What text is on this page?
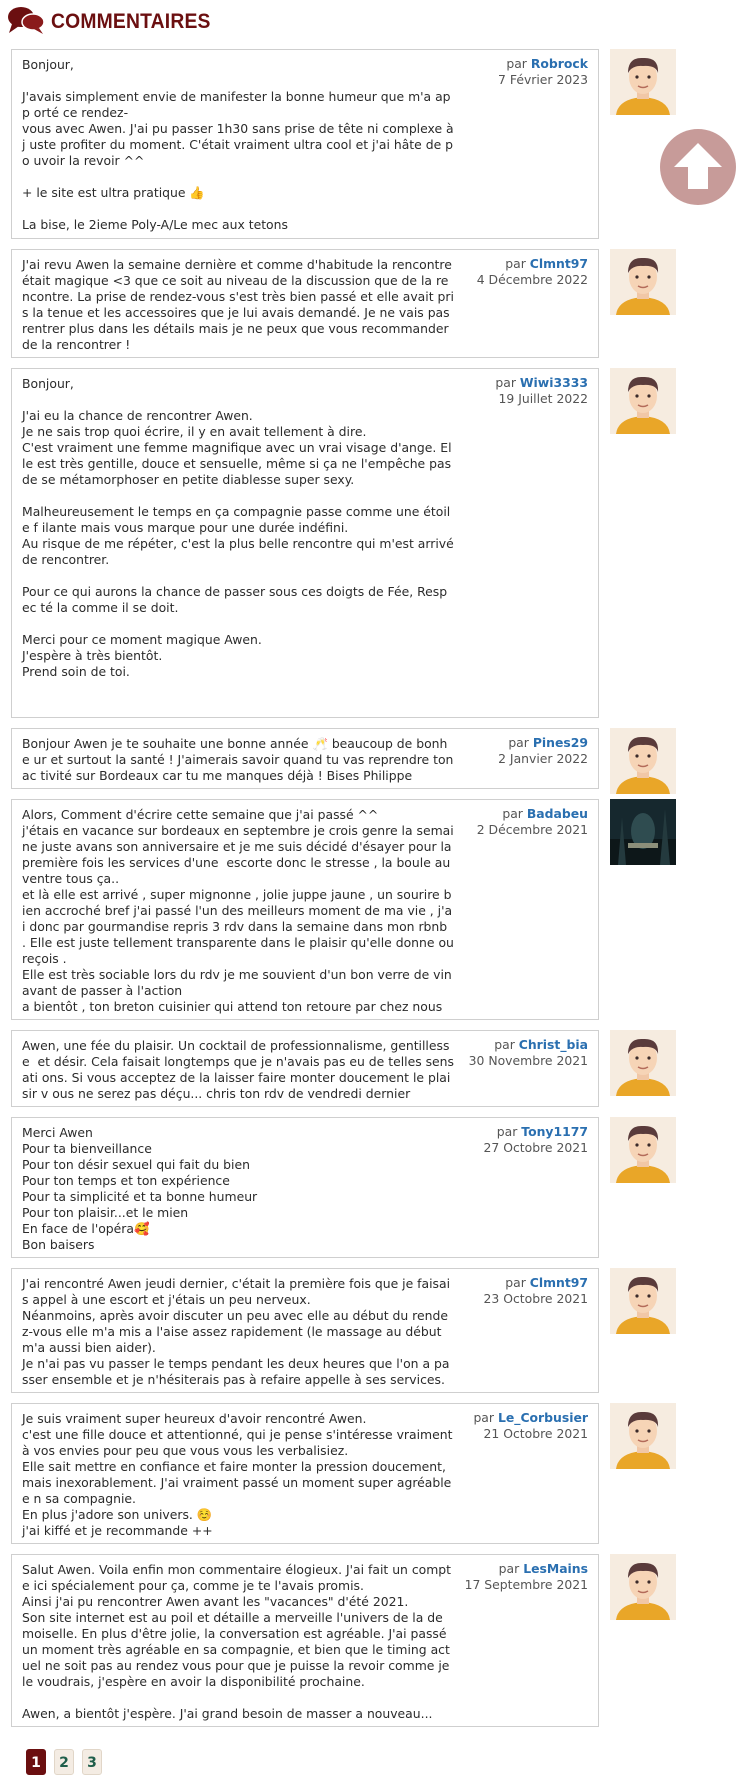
COMMENTAIRES
Bonjour,

J'avais simplement envie de manifester la bonne humeur que m'a app orté ce rendez-
vous avec Awen. J'ai pu passer 1h30 sans prise de tête ni complexe à j uste profiter du moment. C'était vraiment ultra cool et j'ai hâte de po uvoir la revoir ^^

+ le site est ultra pratique 👍

La bise, le 2ieme Poly-A/Le mec aux tetons
par Robrock
7 Février 2023
J'ai revu Awen la semaine dernière et comme d'habitude la rencontre était magique <3 que ce soit au niveau de la discussion que de la rencontre. La prise de rendez-vous s'est très bien passé et elle avait pris la tenue et les accessoires que je lui avais demandé. Je ne vais pas rentrer plus dans les détails mais je ne peux que vous recommander de la rencontrer !
par Clmnt97
4 Décembre 2022
Bonjour,

J'ai eu la chance de rencontrer Awen.
Je ne sais trop quoi écrire, il y en avait tellement à dire.
C'est vraiment une femme magnifique avec un vrai visage d'ange. Elle est très gentille, douce et sensuelle, même si ça ne l'empêche pas de se métamorphoser en petite diablesse super sexy.

Malheureusement le temps en ça compagnie passe comme une étoile f ilante mais vous marque pour une durée indéfini.
Au risque de me répéter, c'est la plus belle rencontre qui m'est arrivé de rencontrer.

Pour ce qui aurons la chance de passer sous ces doigts de Fée, Respec té la comme il se doit.

Merci pour ce moment magique Awen.
J'espère à très bientôt.
Prend soin de toi.
par Wiwi3333
19 Juillet 2022
Bonjour Awen je te souhaite une bonne année 🥂 beaucoup de bonhe ur et surtout la santé ! J'aimerais savoir quand tu vas reprendre ton ac tivité sur Bordeaux car tu me manques déjà ! Bises Philippe
par Pines29
2 Janvier 2022
Alors, Comment d'écrire cette semaine que j'ai passé ^^
j'étais en vacance sur bordeaux en septembre je crois genre la semaine juste avans son anniversaire et je me suis décidé d'ésayer pour la première fois les services d'une  escorte donc le stresse , la boule au ventre tous ça..
et là elle est arrivé , super mignonne , jolie juppe jaune , un sourire bien accroché bref j'ai passé l'un des meilleurs moment de ma vie , j'ai donc par gourmandise repris 3 rdv dans la semaine dans mon rbnb . Elle est juste tellement transparente dans le plaisir qu'elle donne ou reçois .
Elle est très sociable lors du rdv je me souvient d'un bon verre de vin avant de passer à l'action
a bientôt , ton breton cuisinier qui attend ton retoure par chez nous
par Badabeu
2 Décembre 2021
Awen, une fée du plaisir. Un cocktail de professionnalisme, gentillesse  et désir. Cela faisait longtemps que je n'avais pas eu de telles sensati ons. Si vous acceptez de la laisser faire monter doucement le plaisir v ous ne serez pas déçu... chris ton rdv de vendredi dernier
par Christ_bia
30 Novembre 2021
Merci Awen
Pour ta bienveillance
Pour ton désir sexuel qui fait du bien
Pour ton temps et ton expérience
Pour ta simplicité et ta bonne humeur
Pour ton plaisir...et le mien
En face de l'opéra🥰
Bon baisers
par Tony1177
27 Octobre 2021
J'ai rencontré Awen jeudi dernier, c'était la première fois que je faisais appel à une escort et j'étais un peu nerveux.
Néanmoins, après avoir discuter un peu avec elle au début du rendez-vous elle m'a mis a l'aise assez rapidement (le massage au début m'a aussi bien aider).
Je n'ai pas vu passer le temps pendant les deux heures que l'on a passer ensemble et je n'hésiterais pas à refaire appelle à ses services.
par Clmnt97
23 Octobre 2021
Je suis vraiment super heureux d'avoir rencontré Awen.
c'est une fille douce et attentionné, qui je pense s'intéresse vraiment à vos envies pour peu que vous vous les verbalisiez.
Elle sait mettre en confiance et faire monter la pression doucement, mais inexorablement. J'ai vraiment passé un moment super agréable e n sa compagnie.
En plus j'adore son univers. ☺️
j'ai kiffé et je recommande ++
par Le_Corbusier
21 Octobre 2021
Salut Awen. Voila enfin mon commentaire élogieux. J'ai fait un compte ici spécialement pour ça, comme je te l'avais promis.
Ainsi j'ai pu rencontrer Awen avant les "vacances" d'été 2021.
Son site internet est au poil et détaille a merveille l'univers de la demoiselle. En plus d'être jolie, la conversation est agréable. J'ai passé un moment très agréable en sa compagnie, et bien que le timing actuel ne soit pas au rendez vous pour que je puisse la revoir comme je le voudrais, j'espère en avoir la disponibilité prochaine.

Awen, a bientôt j'espère. J'ai grand besoin de masser a nouveau...
par LesMains
17 Septembre 2021
1 2 3
